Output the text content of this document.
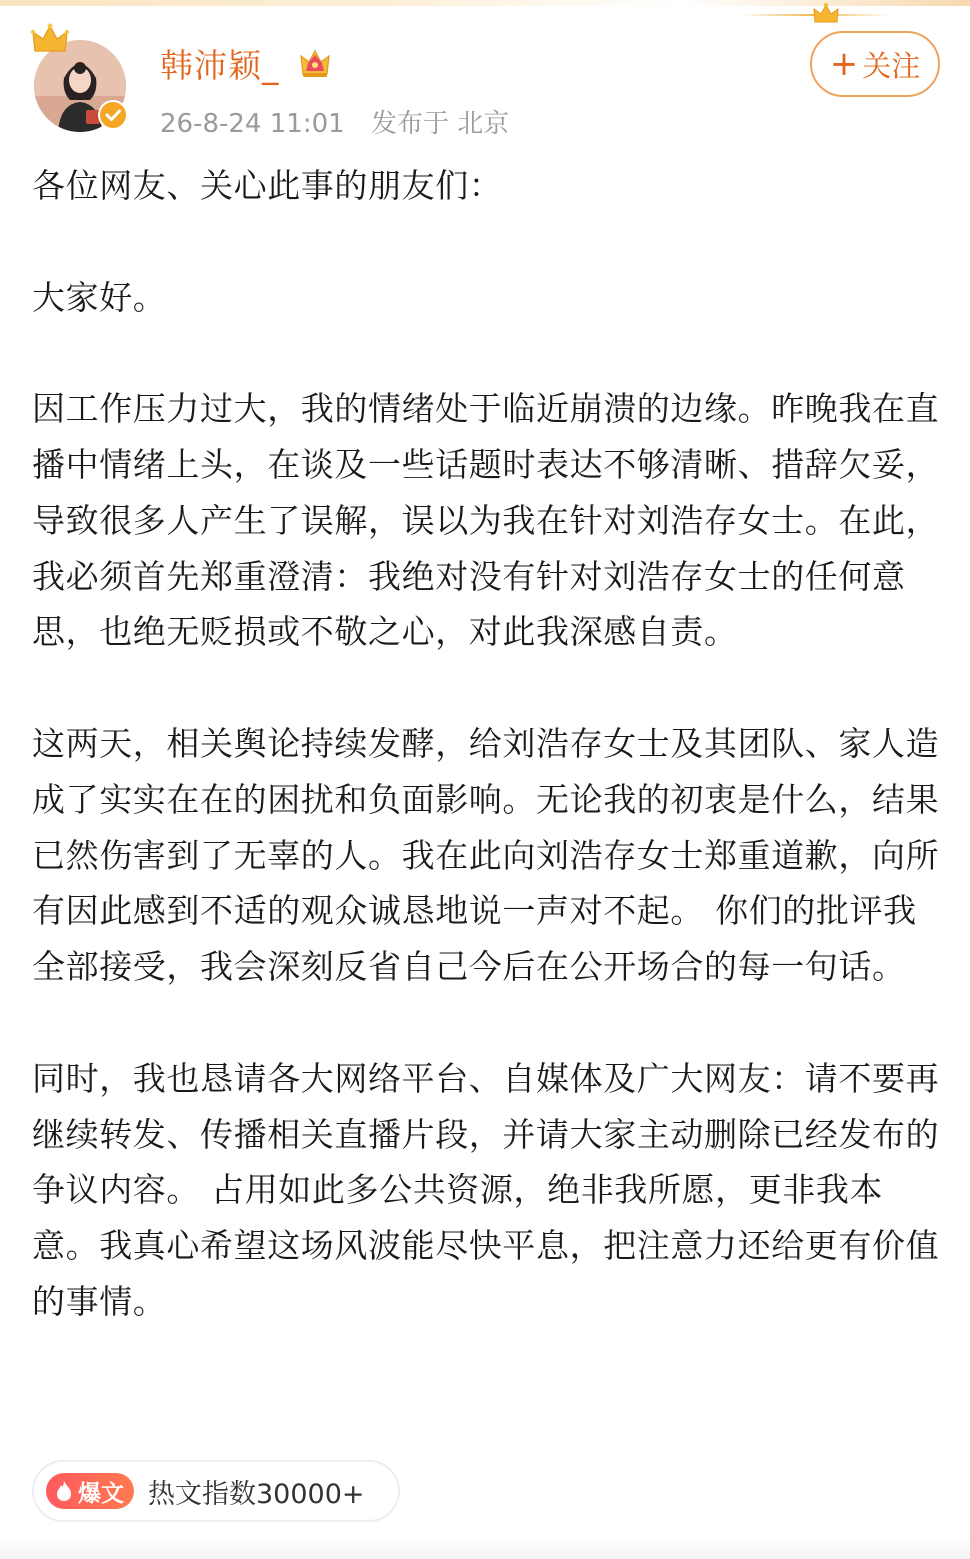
韩沛颖_
26-8-24 11:01 发布于 北京
+ 关注

各位网友、关心此事的朋友们：

大家好。

因工作压力过大，我的情绪处于临近崩溃的边缘。昨晚我在直播中情绪上头，在谈及一些话题时表达不够清晰、措辞欠妥，导致很多人产生了误解，误以为我在针对刘浩存女士。在此，我必须首先郑重澄清：我绝对没有针对刘浩存女士的任何意思，也绝无贬损或不敬之心，对此我深感自责。

这两天，相关舆论持续发酵，给刘浩存女士及其团队、家人造成了实实在在的困扰和负面影响。无论我的初衷是什么，结果已然伤害到了无辜的人。我在此向刘浩存女士郑重道歉，向所有因此感到不适的观众诚恳地说一声对不起。 你们的批评我全部接受，我会深刻反省自己今后在公开场合的每一句话。

同时，我也恳请各大网络平台、自媒体及广大网友：请不要再继续转发、传播相关直播片段，并请大家主动删除已经发布的争议内容。 占用如此多公共资源，绝非我所愿，更非我本意。我真心希望这场风波能尽快平息，把注意力还给更有价值的事情。

爆文 热文指数30000+
